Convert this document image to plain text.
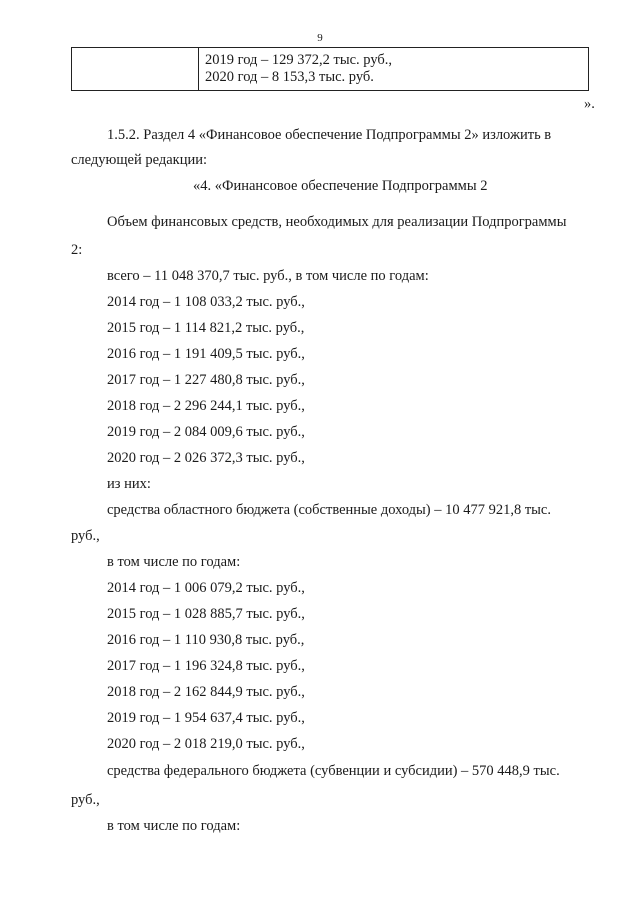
9

2019 год – 129 372,2 тыс. руб.,
2020 год – 8 153,3 тыс. руб.
».
1.5.2. Раздел 4 «Финансовое обеспечение Подпрограммы 2» изложить в
следующей редакции:
«4. «Финансовое обеспечение Подпрограммы 2
Объем финансовых средств, необходимых для реализации Подпрограммы
2:
всего – 11 048 370,7 тыс. руб., в том числе по годам:
2014 год – 1 108 033,2 тыс. руб.,
2015 год – 1 114 821,2 тыс. руб.,
2016 год – 1 191 409,5 тыс. руб.,
2017 год – 1 227 480,8 тыс. руб.,
2018 год – 2 296 244,1 тыс. руб.,
2019 год – 2 084 009,6 тыс. руб.,
2020 год – 2 026 372,3 тыс. руб.,
из них:
средства областного бюджета (собственные доходы) – 10 477 921,8 тыс.
руб.,
в том числе по годам:
2014 год – 1 006 079,2 тыс. руб.,
2015 год – 1 028 885,7 тыс. руб.,
2016 год – 1 110 930,8 тыс. руб.,
2017 год – 1 196 324,8 тыс. руб.,
2018 год – 2 162 844,9 тыс. руб.,
2019 год – 1 954 637,4 тыс. руб.,
2020 год – 2 018 219,0 тыс. руб.,
средства федерального бюджета (субвенции и субсидии) – 570 448,9 тыс.
руб.,
в том числе по годам:
